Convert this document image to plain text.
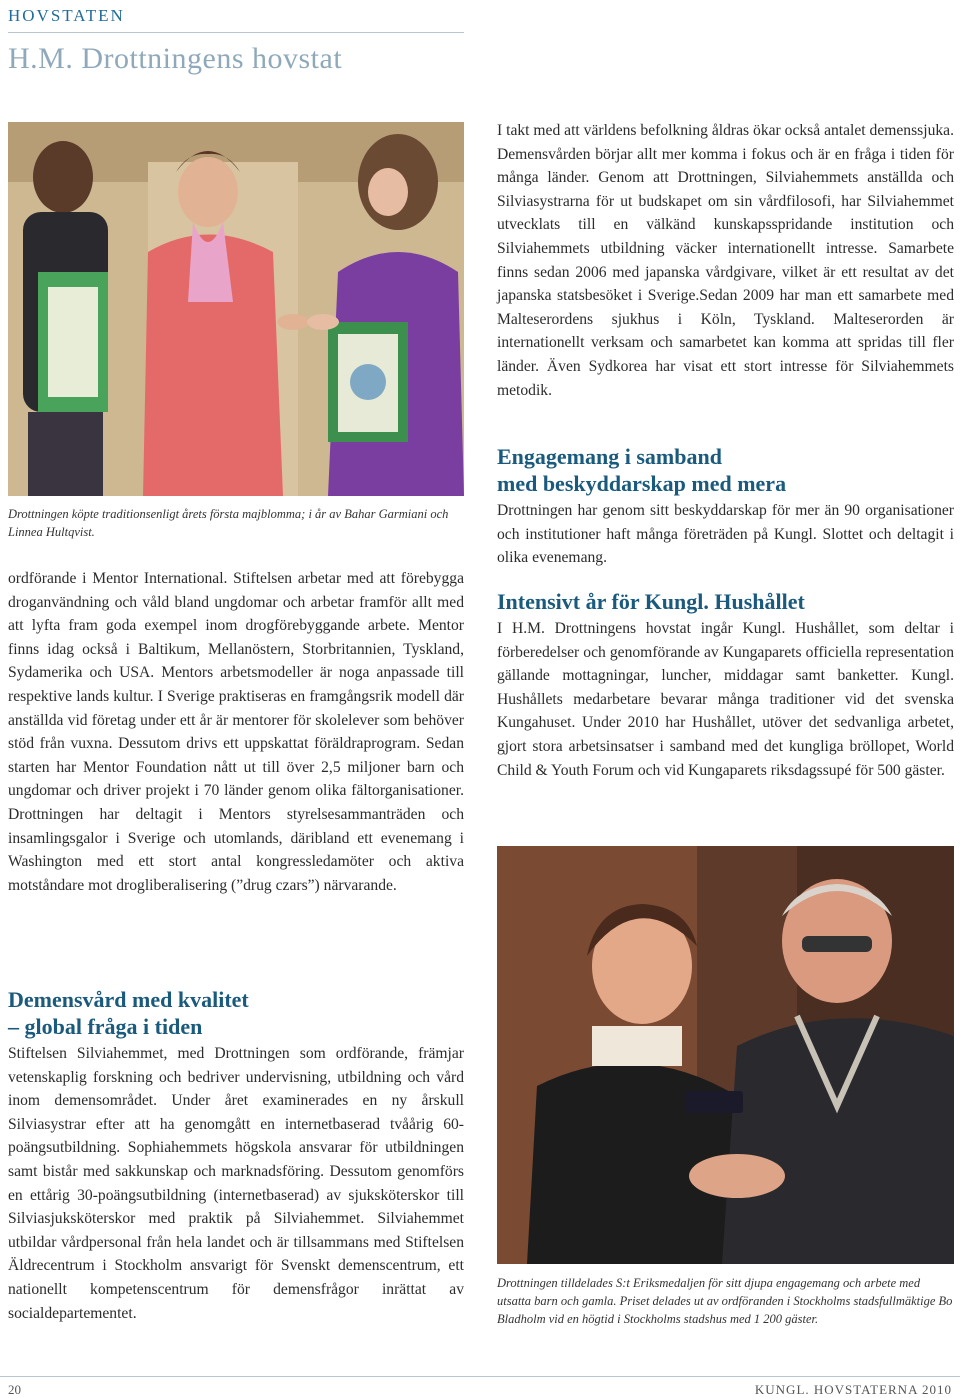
HOVSTATEN
H.M. Drottningens hovstat
Drottningen köpte traditionsenligt årets första majblomma; i år av Bahar Garmiani och Linnea Hultqvist.

ordförande i Mentor International. Stiftelsen arbetar med att förebygga droganvändning och våld bland ungdomar och arbetar framför allt med att lyfta fram goda exempel inom drogförebyggande arbete. Mentor finns idag också i Baltikum, Mellanöstern, Storbritannien, Tyskland, Sydamerika och USA. Mentors arbetsmodeller är noga anpassade till respektive lands kultur. I Sverige praktiseras en framgångsrik modell där anställda vid företag under ett år är mentorer för skolelever som behöver stöd från vuxna. Dessutom drivs ett uppskattat föräldraprogram. Sedan starten har Mentor Foundation nått ut till över 2,5 miljoner barn och ungdomar och driver projekt i 70 länder genom olika fältorganisationer. Drottningen har deltagit i Mentors styrelsesammanträden och insamlingsgalor i Sverige och utomlands, däribland ett evenemang i Washington med ett stort antal kongressledamöter och aktiva motståndare mot drogliberalisering (”drug czars”) närvarande.

Demensvård med kvalitet
– global fråga i tiden

Stiftelsen Silviahemmet, med Drottningen som ordförande, främjar vetenskaplig forskning och bedriver undervisning, utbildning och vård inom demensområdet. Under året examinerades en ny årskull Silviasystrar efter att ha genomgått en internetbaserad tvåårig 60-poängsutbildning. Sophiahemmets högskola ansvarar för utbildningen samt bistår med sakkunskap och marknadsföring. Dessutom genomförs en ettårig 30-poängsutbildning (internetbaserad) av sjuksköterskor till Silviasjuksköterskor med praktik på Silviahemmet. Silviahemmet utbildar vårdpersonal från hela landet och är tillsammans med Stiftelsen Äldrecentrum i Stockholm ansvarigt för Svenskt demenscentrum, ett nationellt kompetenscentrum för demensfrågor inrättat av socialdepartementet.

I takt med att världens befolkning åldras ökar också antalet demenssjuka. Demensvården börjar allt mer komma i fokus och är en fråga i tiden för många länder. Genom att Drottningen, Silviahemmets anställda och Silviasystrarna för ut budskapet om sin vårdfilosofi, har Silviahemmet utvecklats till en välkänd kunskapsspridande institution och Silviahemmets utbildning väcker internationellt intresse. Samarbete finns sedan 2006 med japanska vårdgivare, vilket är ett resultat av det japanska statsbesöket i Sverige.Sedan 2009 har man ett samarbete med Malteserordens sjukhus i Köln, Tyskland. Malteserorden är internationellt verksam och samarbetet kan komma att spridas till fler länder. Även Sydkorea har visat ett stort intresse för Silviahemmets metodik.

Engagemang i samband
med beskyddarskap med mera

Drottningen har genom sitt beskyddarskap för mer än 90 organisationer och institutioner haft många företräden på Kungl. Slottet och deltagit i olika evenemang.

Intensivt år för Kungl. Hushållet

I H.M. Drottningens hovstat ingår Kungl. Hushållet, som deltar i förberedelser och genomförande av Kungaparets officiella representation gällande mottagningar, luncher, middagar samt banketter. Kungl. Hushållets medarbetare bevarar många traditioner vid det svenska Kungahuset. Under 2010 har Hushållet, utöver det sedvanliga arbetet, gjort stora arbetsinsatser i samband med det kungliga bröllopet, World Child & Youth Forum och vid Kungaparets riksdagssupé för 500 gäster.

Drottningen tilldelades S:t Eriksmedaljen för sitt djupa engagemang och arbete med utsatta barn och gamla. Priset delades ut av ordföranden i Stockholms stadsfullmäktige Bo Bladholm vid en högtid i Stockholms stadshus med 1 200 gäster.
20	KUNGL. HOVSTATERNA 2010
